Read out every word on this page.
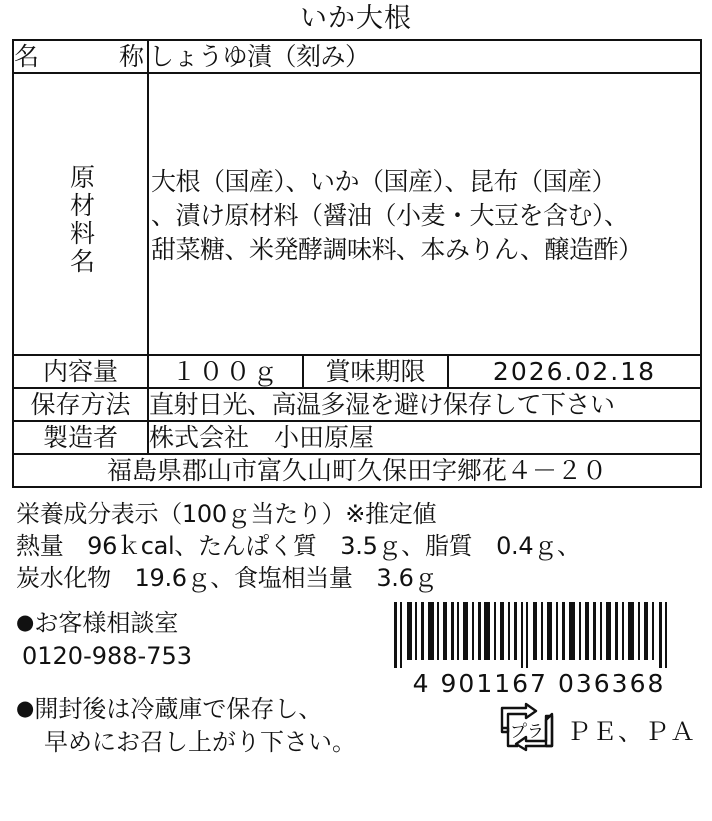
いか大根
名　　称	しょうゆ漬（刻み）		

原材料名	大根（国産）、いか（国産）、昆布（国産）
、漬け原材料（醤油（小麦・大豆を含む）、
甜菜糖、米発酵調味料、本みりん、醸造酢）		

内容量	１００ｇ	賞味期限	2026.02.18
保存方法	直射日光、高温多湿を避け保存して下さい		
製造者	株式会社　小田原屋		
福島県郡山市富久山町久保田字郷花４－２０			
栄養成分表示（100ｇ当たり）※推定値
熱量　96ｋcal、たんぱく質　3.5ｇ、脂質　0.4ｇ、
炭水化物　19.6ｇ、食塩相当量　3.6ｇ
●お客様相談室
0120-988-753
●開封後は冷蔵庫で保存し、
早めにお召し上がり下さい。
4 901167 036368
プラ ＰＥ、ＰＡ
